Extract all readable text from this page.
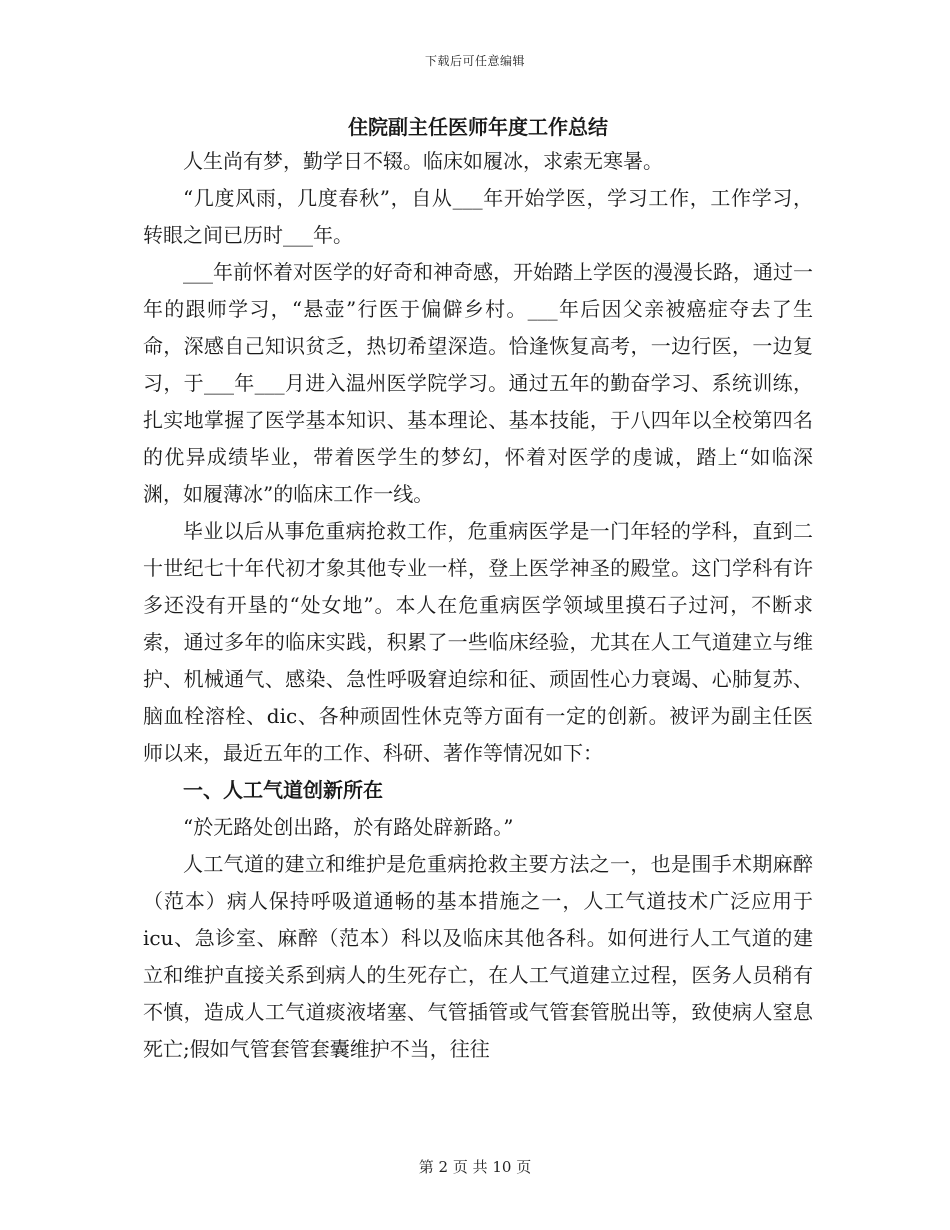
下载后可任意编辑
住院副主任医师年度工作总结

人生尚有梦，勤学日不辍。临床如履冰，求索无寒暑。

“几度风雨，几度春秋”，自从___年开始学医，学习工作，工作学习，转眼之间已历时___年。

___年前怀着对医学的好奇和神奇感，开始踏上学医的漫漫长路，通过一年的跟师学习，“悬壶”行医于偏僻乡村。___年后因父亲被癌症夺去了生命，深感自己知识贫乏，热切希望深造。恰逢恢复高考，一边行医，一边复习，于___年___月进入温州医学院学习。通过五年的勤奋学习、系统训练，扎实地掌握了医学基本知识、基本理论、基本技能，于八四年以全校第四名的优异成绩毕业，带着医学生的梦幻，怀着对医学的虔诚，踏上“如临深渊，如履薄冰”的临床工作一线。

毕业以后从事危重病抢救工作，危重病医学是一门年轻的学科，直到二十世纪七十年代初才象其他专业一样，登上医学神圣的殿堂。这门学科有许多还没有开垦的“处女地”。本人在危重病医学领域里摸石子过河，不断求索，通过多年的临床实践，积累了一些临床经验，尤其在人工气道建立与维护、机械通气、感染、急性呼吸窘迫综和征、顽固性心力衰竭、心肺复苏、脑血栓溶栓、dic、各种顽固性休克等方面有一定的创新。被评为副主任医师以来，最近五年的工作、科研、著作等情况如下：

一、人工气道创新所在

“於无路处创出路，於有路处辟新路。”

人工气道的建立和维护是危重病抢救主要方法之一，也是围手术期麻醉（范本）病人保持呼吸道通畅的基本措施之一，人工气道技术广泛应用于icu、急诊室、麻醉（范本）科以及临床其他各科。如何进行人工气道的建立和维护直接关系到病人的生死存亡，在人工气道建立过程，医务人员稍有不慎，造成人工气道痰液堵塞、气管插管或气管套管脱出等，致使病人窒息死亡;假如气管套管套囊维护不当，往往

第 2 页 共 10 页
